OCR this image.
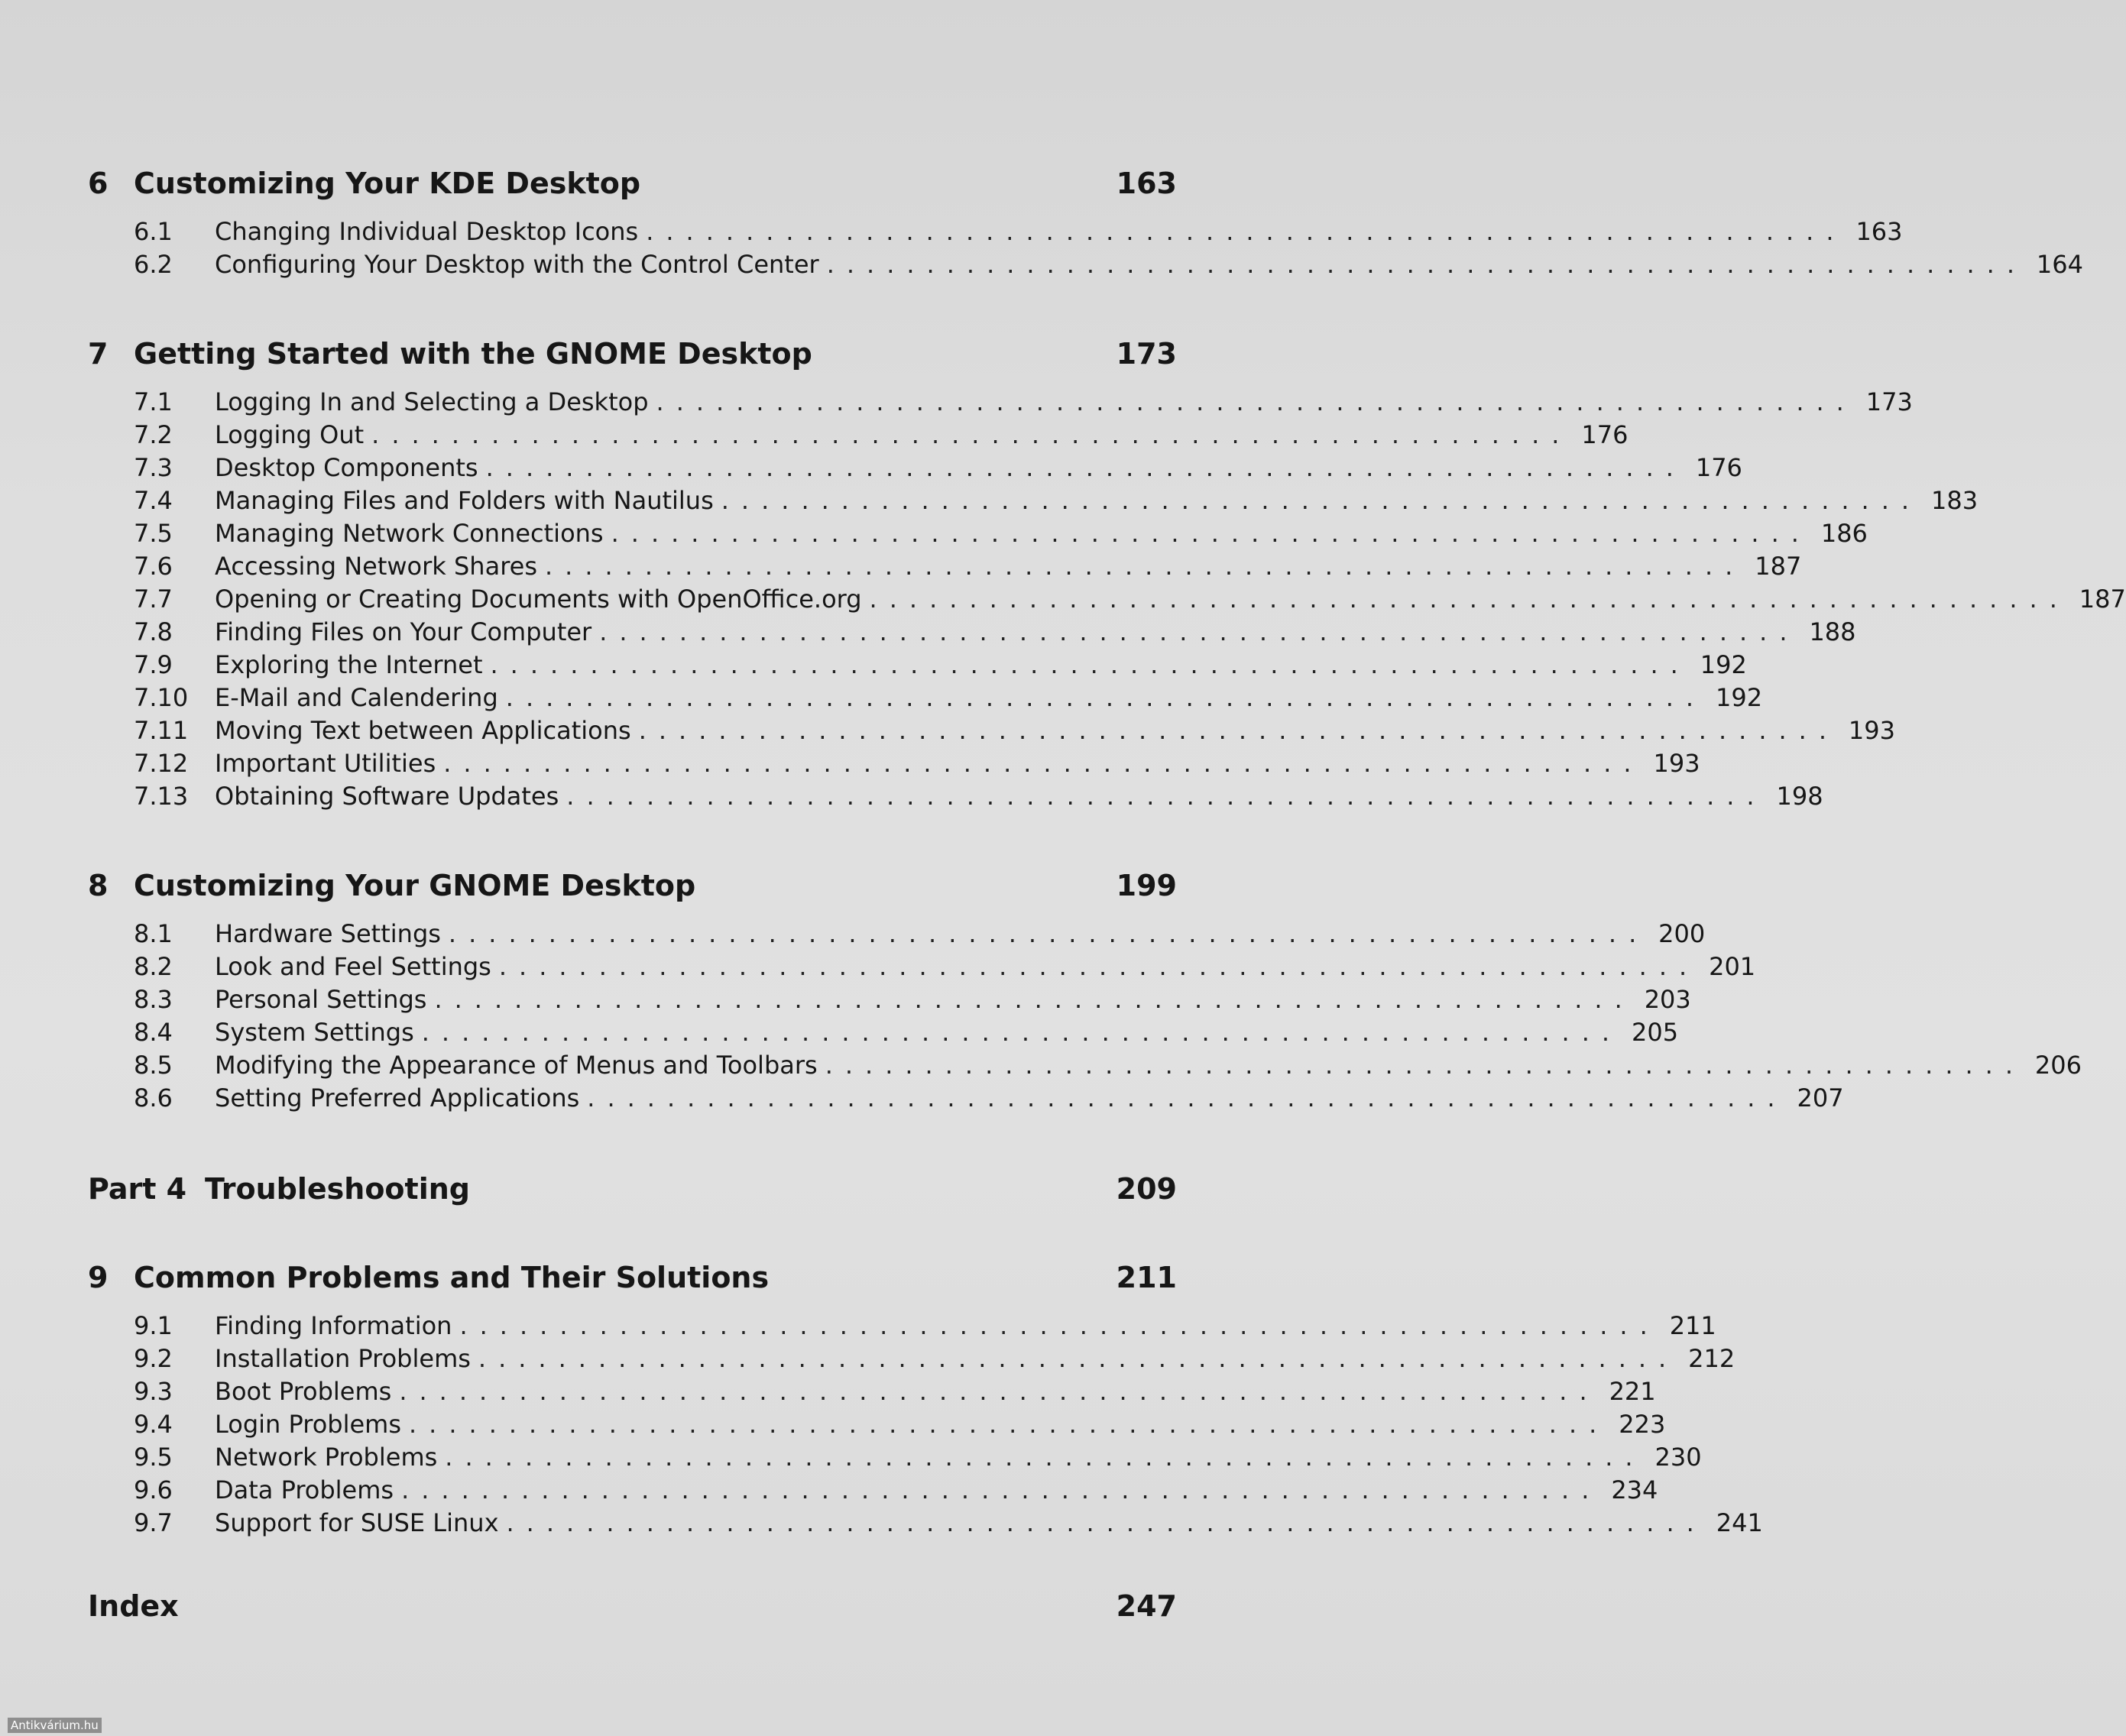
6 Customizing Your KDE Desktop	163
6.1	Changing Individual Desktop Icons ............................................................ 163
6.2	Configuring Your Desktop with the Control Center ............................................................ 164
7 Getting Started with the GNOME Desktop	173
7.1	Logging In and Selecting a Desktop ............................................................ 173
7.2	Logging Out ............................................................ 176
7.3	Desktop Components ............................................................ 176
7.4	Managing Files and Folders with Nautilus ............................................................ 183
7.5	Managing Network Connections ............................................................ 186
7.6	Accessing Network Shares ............................................................ 187
7.7	Opening or Creating Documents with OpenOffice.org ............................................................ 187
7.8	Finding Files on Your Computer ............................................................ 188
7.9	Exploring the Internet ............................................................ 192
7.10	E-Mail and Calendering ............................................................ 192
7.11	Moving Text between Applications ............................................................ 193
7.12	Important Utilities ............................................................ 193
7.13	Obtaining Software Updates ............................................................ 198
8 Customizing Your GNOME Desktop	199
8.1	Hardware Settings ............................................................ 200
8.2	Look and Feel Settings ............................................................ 201
8.3	Personal Settings ............................................................ 203
8.4	System Settings ............................................................ 205
8.5	Modifying the Appearance of Menus and Toolbars ............................................................ 206
8.6	Setting Preferred Applications ............................................................ 207
Part 4 Troubleshooting	209
9 Common Problems and Their Solutions	211
9.1	Finding Information ............................................................ 211
9.2	Installation Problems ............................................................ 212
9.3	Boot Problems ............................................................ 221
9.4	Login Problems ............................................................ 223
9.5	Network Problems ............................................................ 230
9.6	Data Problems ............................................................ 234
9.7	Support for SUSE Linux ............................................................ 241
Index	247
Antikvárium.hu
